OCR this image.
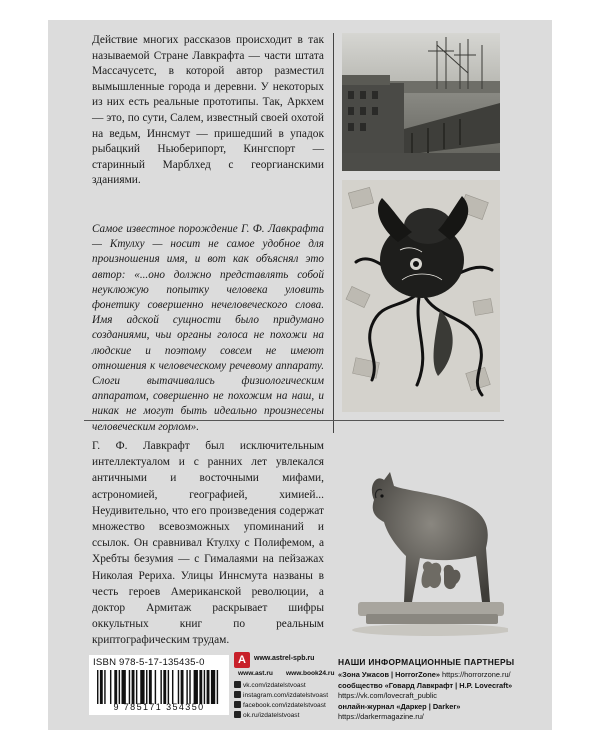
Действие многих рассказов происходит в так называемой Стране Лавкрафта — части штата Массачусетс, в которой автор разместил вымышленные города и деревни. У некоторых из них есть реальные прототипы. Так, Аркхем — это, по сути, Салем, известный своей охотой на ведьм, Иннсмут — пришедший в упадок рыбацкий Ньюберипорт, Кингспорт — старинный Марблхед с георгианскими зданиями.

Самое известное порождение Г. Ф. Лавкрафта — Ктулху — носит не самое удобное для произношения имя, и вот как объяснял это автор: «...оно должно представлять собой неуклюжую попытку человека уловить фонетику совершенно нечеловеческого слова. Имя адской сущности было придумано созданиями, чьи органы голоса не похожи на людские и поэтому совсем не имеют отношения к человеческому речевому аппарату. Слоги вытачивались физиологическим аппаратом, совершенно не похожим на наш, и никак не могут быть идеально произнесены человеческим горлом».

Г. Ф. Лавкрафт был исключительным интеллектуалом и с ранних лет увлекался античными и восточными мифами, астрономией, географией, химией... Неудивительно, что его произведения содержат множество всевозможных упоминаний и ссылок. Он сравнивал Ктулху с Полифемом, а Хребты безумия — с Гималаями на пейзажах Николая Рериха. Улицы Иннсмута названы в честь героев Американской революции, а доктор Армитаж раскрывает шифры оккультных книг по реальным криптографическим трудам.

ISBN 978-5-17-135435-0
9 785171 354350
A	www.astrel-spb.ru
www.ast.ru www.book24.ru
vk.com/izdatelstvoast
instagram.com/izdatelstvoast
facebook.com/izdatelstvoast
ok.ru/izdatelstvoast
НАШИ ИНФОРМАЦИОННЫЕ ПАРТНЕРЫ
«Зона Ужасов | HorrorZone» https://horrorzone.ru/
сообщество «Говард Лавкрафт | H.P. Lovecraft»
https://vk.com/lovecraft_public
онлайн-журнал «Даркер | Darker»
https://darkermagazine.ru/
